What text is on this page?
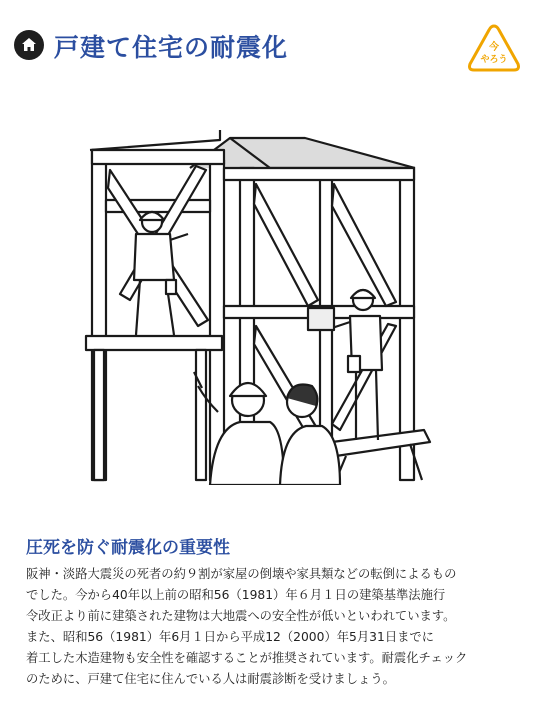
戸建て住宅の耐震化	今
やろう
圧死を防ぐ耐震化の重要性
阪神・淡路大震災の死者の約９割が家屋の倒壊や家具類などの転倒によるもの
でした。今から40年以上前の昭和56（1981）年６月１日の建築基準法施行
令改正より前に建築された建物は大地震への安全性が低いといわれています。
また、昭和56（1981）年6月１日から平成12（2000）年5月31日までに
着工した木造建物も安全性を確認することが推奨されています。耐震化チェック
のために、戸建て住宅に住んでいる人は耐震診断を受けましょう。
